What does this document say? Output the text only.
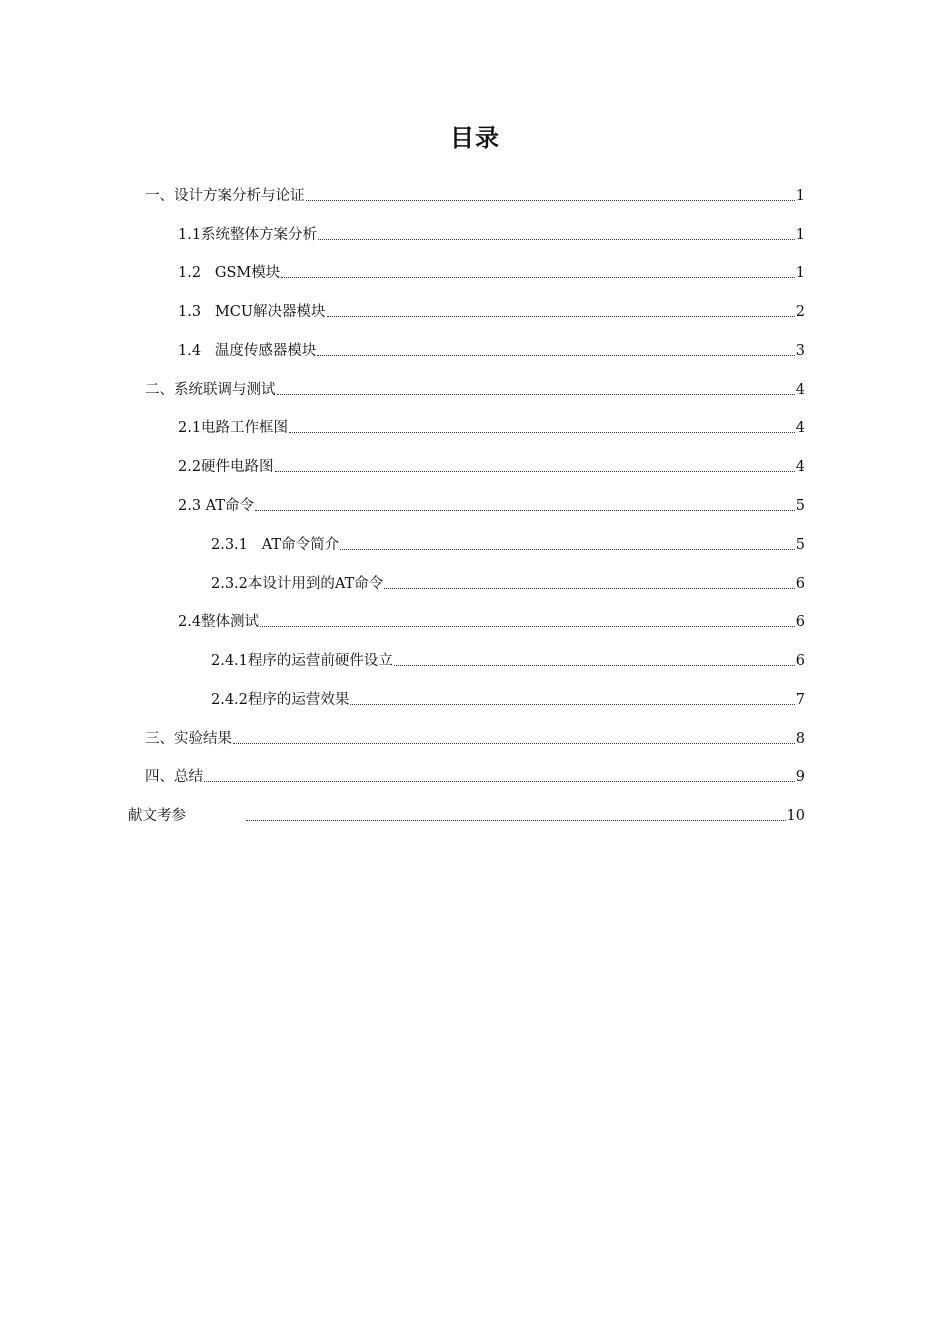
目录
一、设计方案分析与论证	1
1.1系统整体方案分析	1
1.2   GSM模块	1
1.3   MCU解决器模块	2
1.4   温度传感器模块	3
二、系统联调与测试	4
2.1电路工作框图	4
2.2硬件电路图	4
2.3 AT命令	5
2.3.1   AT命令简介	5
2.3.2本设计用到的AT命令	6
2.4整体测试	6
2.4.1程序的运营前硬件设立	6
2.4.2程序的运营效果	7
三、实验结果	8
四、总结	9
献文考参	10
